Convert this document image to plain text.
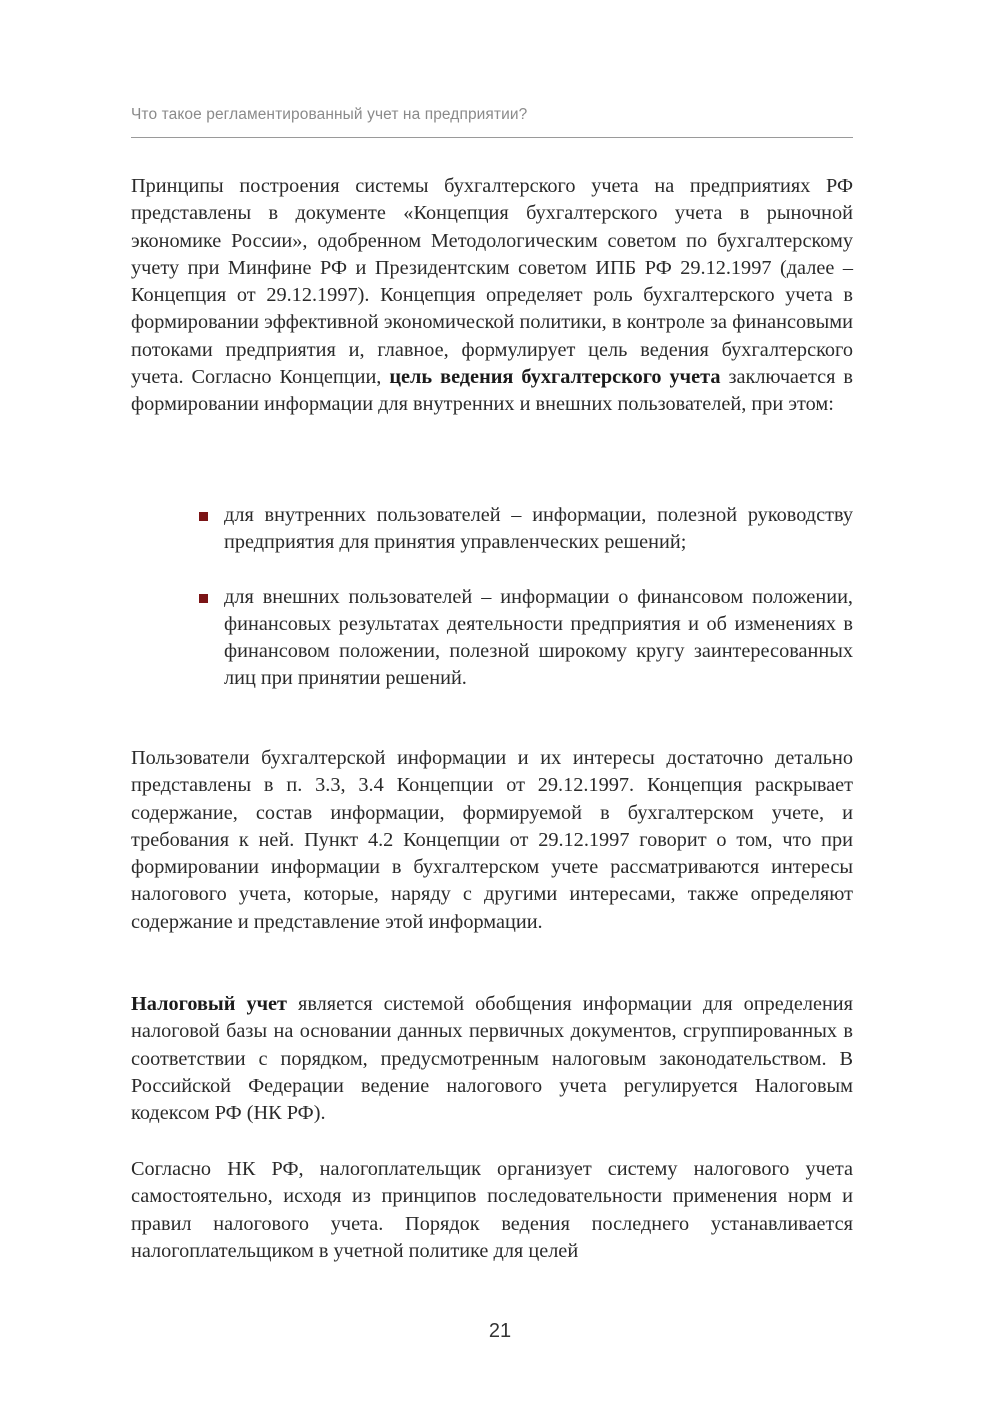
Что такое регламентированный учет на предприятии?
Принципы построения системы бухгалтерского учета на предприятиях РФ представлены в документе «Концепция бухгалтерского учета в рыночной экономике России», одобренном Методологическим советом по бухгалтерскому учету при Минфине РФ и Президентским советом ИПБ РФ 29.12.1997 (далее – Концепция от 29.12.1997). Концепция определяет роль бухгалтерского учета в формировании эффективной экономической политики, в контроле за финансовыми потоками предприятия и, главное, формулирует цель ведения бухгалтерского учета. Согласно Концепции, цель ведения бухгалтерского учета заключается в формировании информации для внутренних и внешних пользователей, при этом:
для внутренних пользователей – информации, полезной руководству предприятия для принятия управленческих решений;
для внешних пользователей – информации о финансовом положении, финансовых результатах деятельности предприятия и об изменениях в финансовом положении, полезной широкому кругу заинтересованных лиц при принятии решений.
Пользователи бухгалтерской информации и их интересы достаточно детально представлены в п. 3.3, 3.4 Концепции от 29.12.1997. Концепция раскрывает содержание, состав информации, формируемой в бухгалтерском учете, и требования к ней. Пункт 4.2 Концепции от 29.12.1997 говорит о том, что при формировании информации в бухгалтерском учете рассматриваются интересы налогового учета, которые, наряду с другими интересами, также определяют содержание и представление этой информации.
Налоговый учет является системой обобщения информации для определения налоговой базы на основании данных первичных документов, сгруппированных в соответствии с порядком, предусмотренным налоговым законодательством. В Российской Федерации ведение налогового учета регулируется Налоговым кодексом РФ (НК РФ).
Согласно НК РФ, налогоплательщик организует систему налогового учета самостоятельно, исходя из принципов последовательности применения норм и правил налогового учета. Порядок ведения последнего устанавливается налогоплательщиком в учетной политике для целей
21
